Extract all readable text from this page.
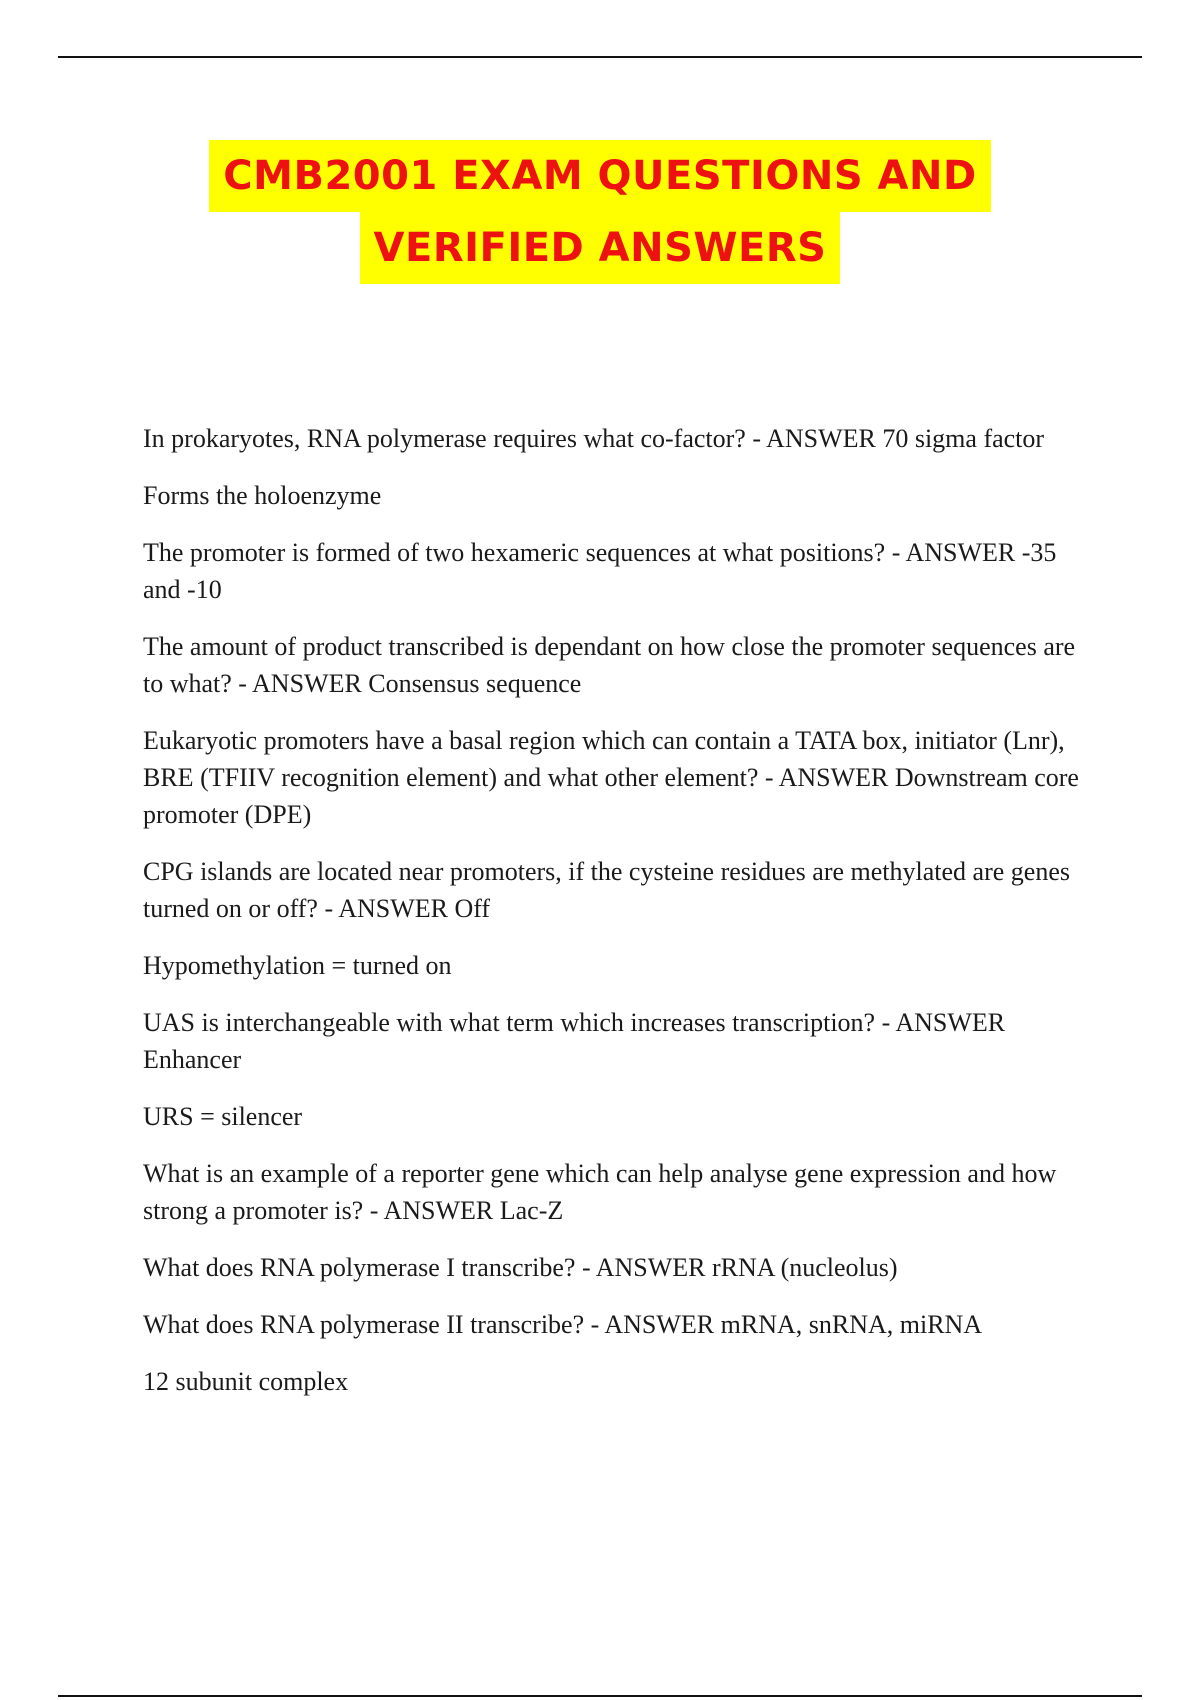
CMB2001 EXAM QUESTIONS AND
VERIFIED ANSWERS

In prokaryotes, RNA polymerase requires what co-factor? - ANSWER 70 sigma factor

Forms the holoenzyme

The promoter is formed of two hexameric sequences at what positions? - ANSWER -35 and -10

The amount of product transcribed is dependant on how close the promoter sequences are to what? - ANSWER Consensus sequence

Eukaryotic promoters have a basal region which can contain a TATA box, initiator (Lnr), BRE (TFIIV recognition element) and what other element? - ANSWER Downstream core promoter (DPE)

CPG islands are located near promoters, if the cysteine residues are methylated are genes turned on or off? - ANSWER Off

Hypomethylation = turned on

UAS is interchangeable with what term which increases transcription? - ANSWER Enhancer

URS = silencer

What is an example of a reporter gene which can help analyse gene expression and how strong a promoter is? - ANSWER Lac-Z

What does RNA polymerase I transcribe? - ANSWER rRNA (nucleolus)

What does RNA polymerase II transcribe? - ANSWER mRNA, snRNA, miRNA

12 subunit complex
